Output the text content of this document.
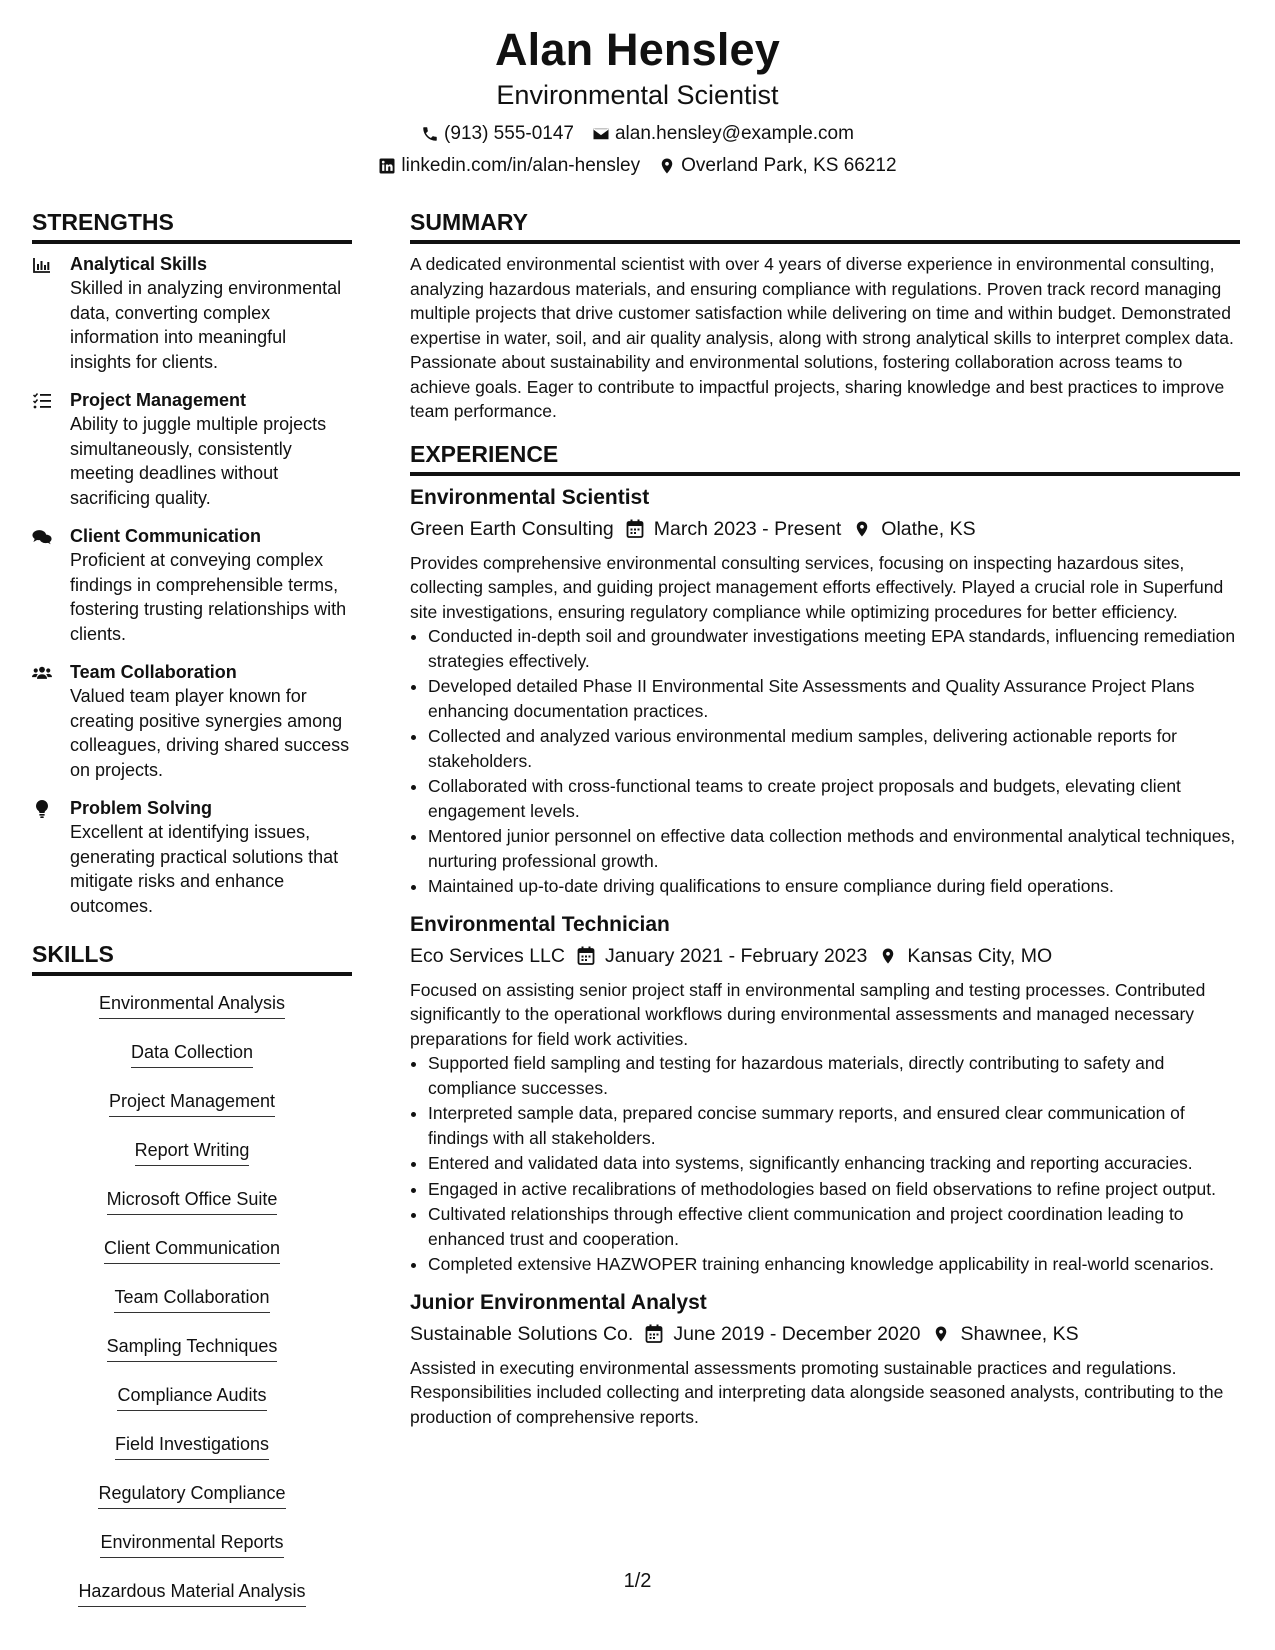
Alan Hensley
Environmental Scientist
(913) 555-0147 alan.hensley@example.com
linkedin.com/in/alan-hensley Overland Park, KS 66212
STRENGTHS
Analytical Skills
Skilled in analyzing environmental data, converting complex information into meaningful insights for clients.
Project Management
Ability to juggle multiple projects simultaneously, consistently meeting deadlines without sacrificing quality.
Client Communication
Proficient at conveying complex findings in comprehensible terms, fostering trusting relationships with clients.
Team Collaboration
Valued team player known for creating positive synergies among colleagues, driving shared success on projects.
Problem Solving
Excellent at identifying issues, generating practical solutions that mitigate risks and enhance outcomes.
SKILLS
Environmental Analysis
Data Collection
Project Management
Report Writing
Microsoft Office Suite
Client Communication
Team Collaboration
Sampling Techniques
Compliance Audits
Field Investigations
Regulatory Compliance
Environmental Reports
Hazardous Material Analysis
SUMMARY
A dedicated environmental scientist with over 4 years of diverse experience in environmental consulting, analyzing hazardous materials, and ensuring compliance with regulations. Proven track record managing multiple projects that drive customer satisfaction while delivering on time and within budget. Demonstrated expertise in water, soil, and air quality analysis, along with strong analytical skills to interpret complex data. Passionate about sustainability and environmental solutions, fostering collaboration across teams to achieve goals. Eager to contribute to impactful projects, sharing knowledge and best practices to improve team performance.
EXPERIENCE
Environmental Scientist
Green Earth Consulting March 2023 - Present Olathe, KS
Provides comprehensive environmental consulting services, focusing on inspecting hazardous sites, collecting samples, and guiding project management efforts effectively. Played a crucial role in Superfund site investigations, ensuring regulatory compliance while optimizing procedures for better efficiency.
• Conducted in-depth soil and groundwater investigations meeting EPA standards, influencing remediation strategies effectively.
• Developed detailed Phase II Environmental Site Assessments and Quality Assurance Project Plans enhancing documentation practices.
• Collected and analyzed various environmental medium samples, delivering actionable reports for stakeholders.
• Collaborated with cross-functional teams to create project proposals and budgets, elevating client engagement levels.
• Mentored junior personnel on effective data collection methods and environmental analytical techniques, nurturing professional growth.
• Maintained up-to-date driving qualifications to ensure compliance during field operations.
Environmental Technician
Eco Services LLC January 2021 - February 2023 Kansas City, MO
Focused on assisting senior project staff in environmental sampling and testing processes. Contributed significantly to the operational workflows during environmental assessments and managed necessary preparations for field work activities.
• Supported field sampling and testing for hazardous materials, directly contributing to safety and compliance successes.
• Interpreted sample data, prepared concise summary reports, and ensured clear communication of findings with all stakeholders.
• Entered and validated data into systems, significantly enhancing tracking and reporting accuracies.
• Engaged in active recalibrations of methodologies based on field observations to refine project output.
• Cultivated relationships through effective client communication and project coordination leading to enhanced trust and cooperation.
• Completed extensive HAZWOPER training enhancing knowledge applicability in real-world scenarios.
Junior Environmental Analyst
Sustainable Solutions Co. June 2019 - December 2020 Shawnee, KS
Assisted in executing environmental assessments promoting sustainable practices and regulations. Responsibilities included collecting and interpreting data alongside seasoned analysts, contributing to the production of comprehensive reports.
1/2
